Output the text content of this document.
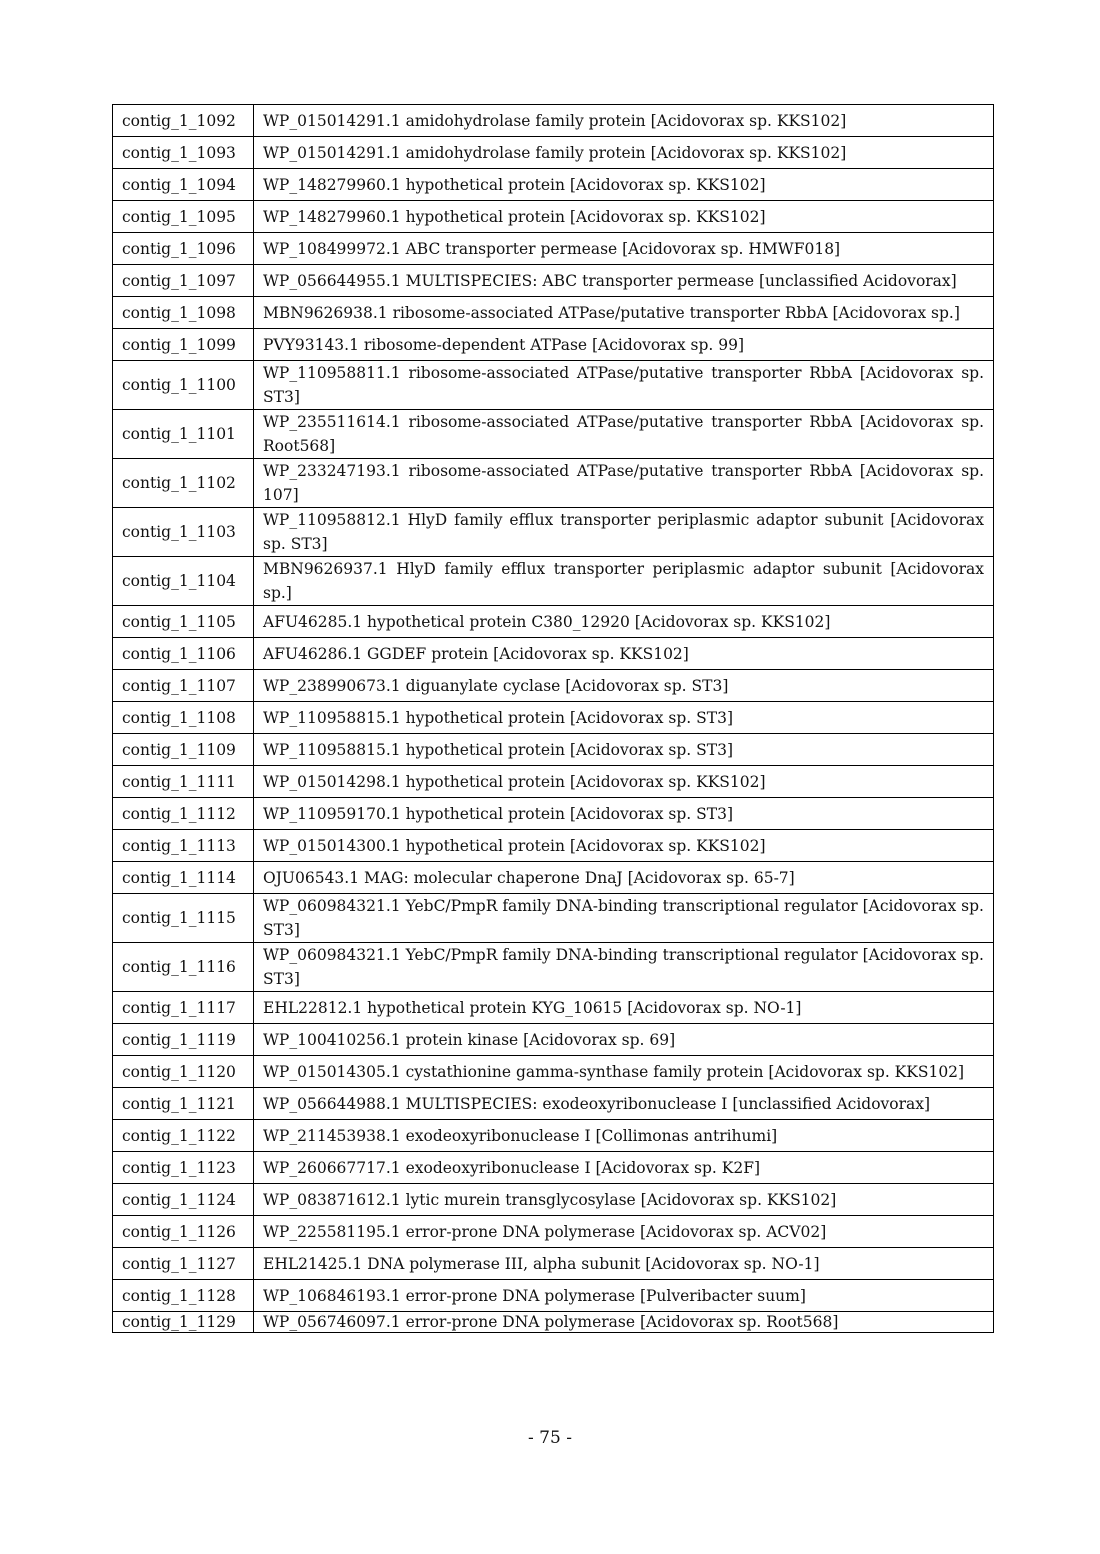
contig_1_1092	WP_015014291.1 amidohydrolase family protein [Acidovorax sp. KKS102]
contig_1_1093	WP_015014291.1 amidohydrolase family protein [Acidovorax sp. KKS102]
contig_1_1094	WP_148279960.1 hypothetical protein [Acidovorax sp. KKS102]
contig_1_1095	WP_148279960.1 hypothetical protein [Acidovorax sp. KKS102]
contig_1_1096	WP_108499972.1 ABC transporter permease [Acidovorax sp. HMWF018]
contig_1_1097	WP_056644955.1 MULTISPECIES: ABC transporter permease [unclassified Acidovorax]
contig_1_1098	MBN9626938.1 ribosome-associated ATPase/putative transporter RbbA [Acidovorax sp.]
contig_1_1099	PVY93143.1 ribosome-dependent ATPase [Acidovorax sp. 99]
contig_1_1100	WP_110958811.1 ribosome-associated ATPase/putative transporter RbbA [Acidovorax sp. ST3]
contig_1_1101	WP_235511614.1 ribosome-associated ATPase/putative transporter RbbA [Acidovorax sp. Root568]
contig_1_1102	WP_233247193.1 ribosome-associated ATPase/putative transporter RbbA [Acidovorax sp. 107]
contig_1_1103	WP_110958812.1 HlyD family efflux transporter periplasmic adaptor subunit [Acidovorax sp. ST3]
contig_1_1104	MBN9626937.1 HlyD family efflux transporter periplasmic adaptor subunit [Acidovorax sp.]
contig_1_1105	AFU46285.1 hypothetical protein C380_12920 [Acidovorax sp. KKS102]
contig_1_1106	AFU46286.1 GGDEF protein [Acidovorax sp. KKS102]
contig_1_1107	WP_238990673.1 diguanylate cyclase [Acidovorax sp. ST3]
contig_1_1108	WP_110958815.1 hypothetical protein [Acidovorax sp. ST3]
contig_1_1109	WP_110958815.1 hypothetical protein [Acidovorax sp. ST3]
contig_1_1111	WP_015014298.1 hypothetical protein [Acidovorax sp. KKS102]
contig_1_1112	WP_110959170.1 hypothetical protein [Acidovorax sp. ST3]
contig_1_1113	WP_015014300.1 hypothetical protein [Acidovorax sp. KKS102]
contig_1_1114	OJU06543.1 MAG: molecular chaperone DnaJ [Acidovorax sp. 65-7]
contig_1_1115	WP_060984321.1 YebC/PmpR family DNA-binding transcriptional regulator [Acidovorax sp. ST3]
contig_1_1116	WP_060984321.1 YebC/PmpR family DNA-binding transcriptional regulator [Acidovorax sp. ST3]
contig_1_1117	EHL22812.1 hypothetical protein KYG_10615 [Acidovorax sp. NO-1]
contig_1_1119	WP_100410256.1 protein kinase [Acidovorax sp. 69]
contig_1_1120	WP_015014305.1 cystathionine gamma-synthase family protein [Acidovorax sp. KKS102]
contig_1_1121	WP_056644988.1 MULTISPECIES: exodeoxyribonuclease I [unclassified Acidovorax]
contig_1_1122	WP_211453938.1 exodeoxyribonuclease I [Collimonas antrihumi]
contig_1_1123	WP_260667717.1 exodeoxyribonuclease I [Acidovorax sp. K2F]
contig_1_1124	WP_083871612.1 lytic murein transglycosylase [Acidovorax sp. KKS102]
contig_1_1126	WP_225581195.1 error-prone DNA polymerase [Acidovorax sp. ACV02]
contig_1_1127	EHL21425.1 DNA polymerase III, alpha subunit [Acidovorax sp. NO-1]
contig_1_1128	WP_106846193.1 error-prone DNA polymerase [Pulveribacter suum]
contig_1_1129	WP_056746097.1 error-prone DNA polymerase [Acidovorax sp. Root568]
- 75 -
